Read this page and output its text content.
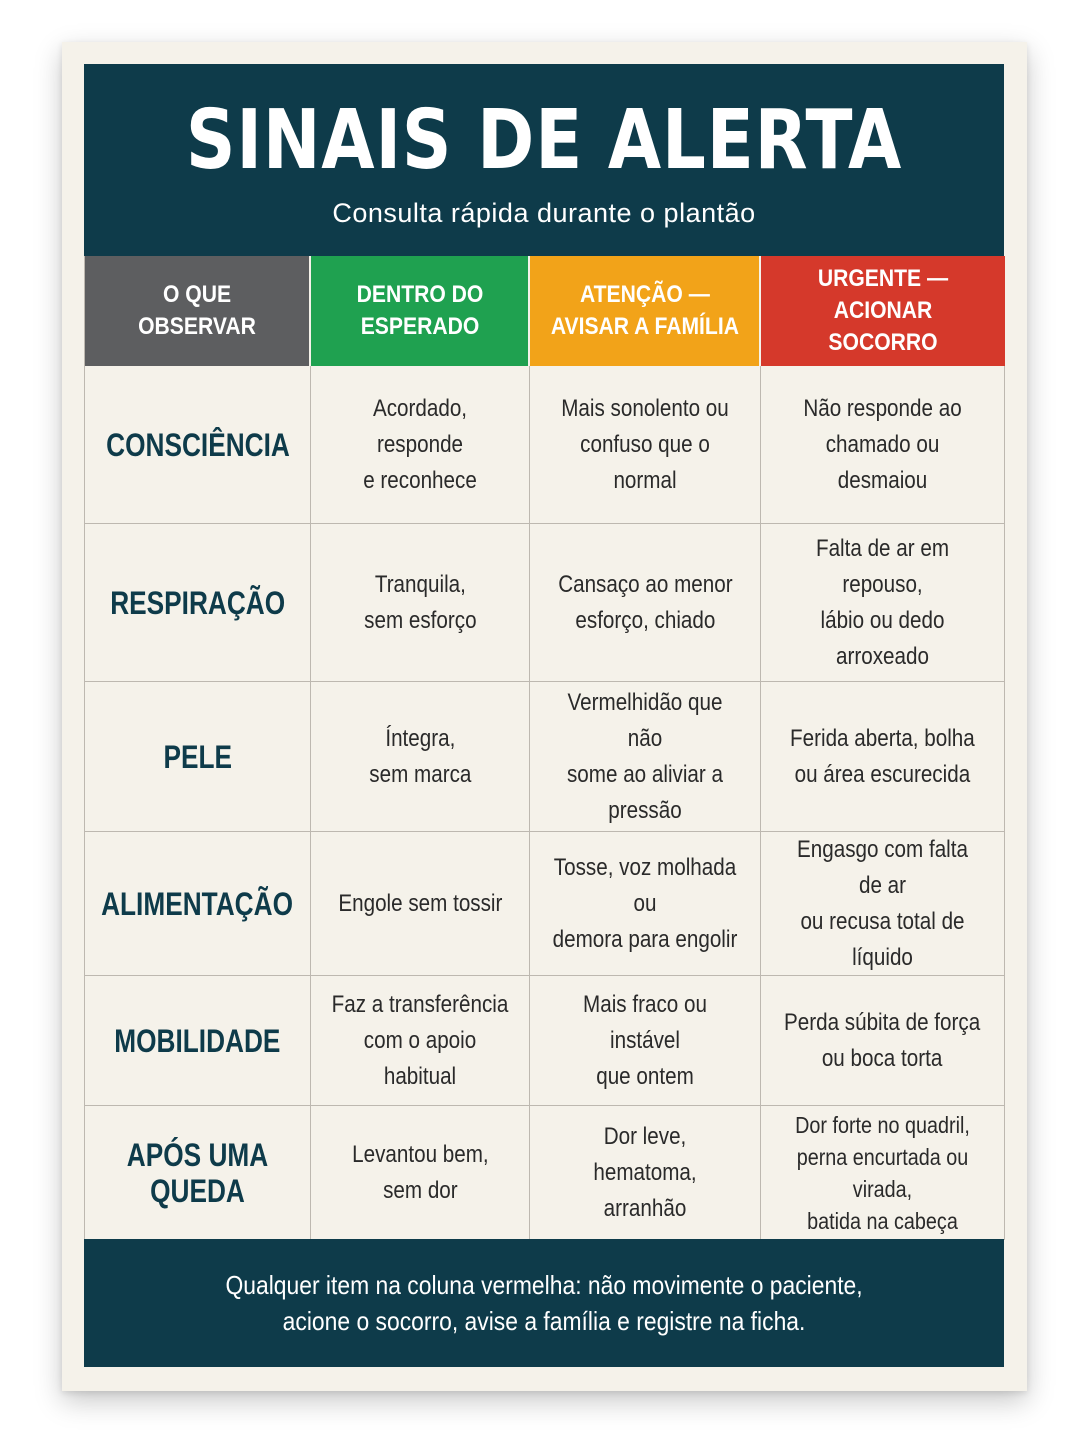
SINAIS DE ALERTA
Consulta rápida durante o plantão
O QUE OBSERVAR
DENTRO DO
ESPERADO
ATENÇÃO —
AVISAR A FAMÍLIA
URGENTE —
ACIONAR SOCORRO
CONSCIÊNCIA
Acordado, responde
e reconhece
Mais sonolento ou
confuso que o normal
Não responde ao
chamado ou desmaiou
RESPIRAÇÃO
Tranquila,
sem esforço
Cansaço ao menor
esforço, chiado
Falta de ar em repouso,
lábio ou dedo arroxeado
PELE
Íntegra,
sem marca
Vermelhidão que não
some ao aliviar a pressão
Ferida aberta, bolha
ou área escurecida
ALIMENTAÇÃO Engole sem tossir
Tosse, voz molhada ou
demora para engolir
Engasgo com falta de ar
ou recusa total de líquido
MOBILIDADE
Faz a transferência
com o apoio habitual
Mais fraco ou instável
que ontem
Perda súbita de força
ou boca torta
APÓS UMA QUEDA
Levantou bem,
sem dor
Dor leve, hematoma,
arranhão
Dor forte no quadril,
perna encurtada ou virada,
batida na cabeça
Qualquer item na coluna vermelha: não movimente o paciente,
acione o socorro, avise a família e registre na ficha.
